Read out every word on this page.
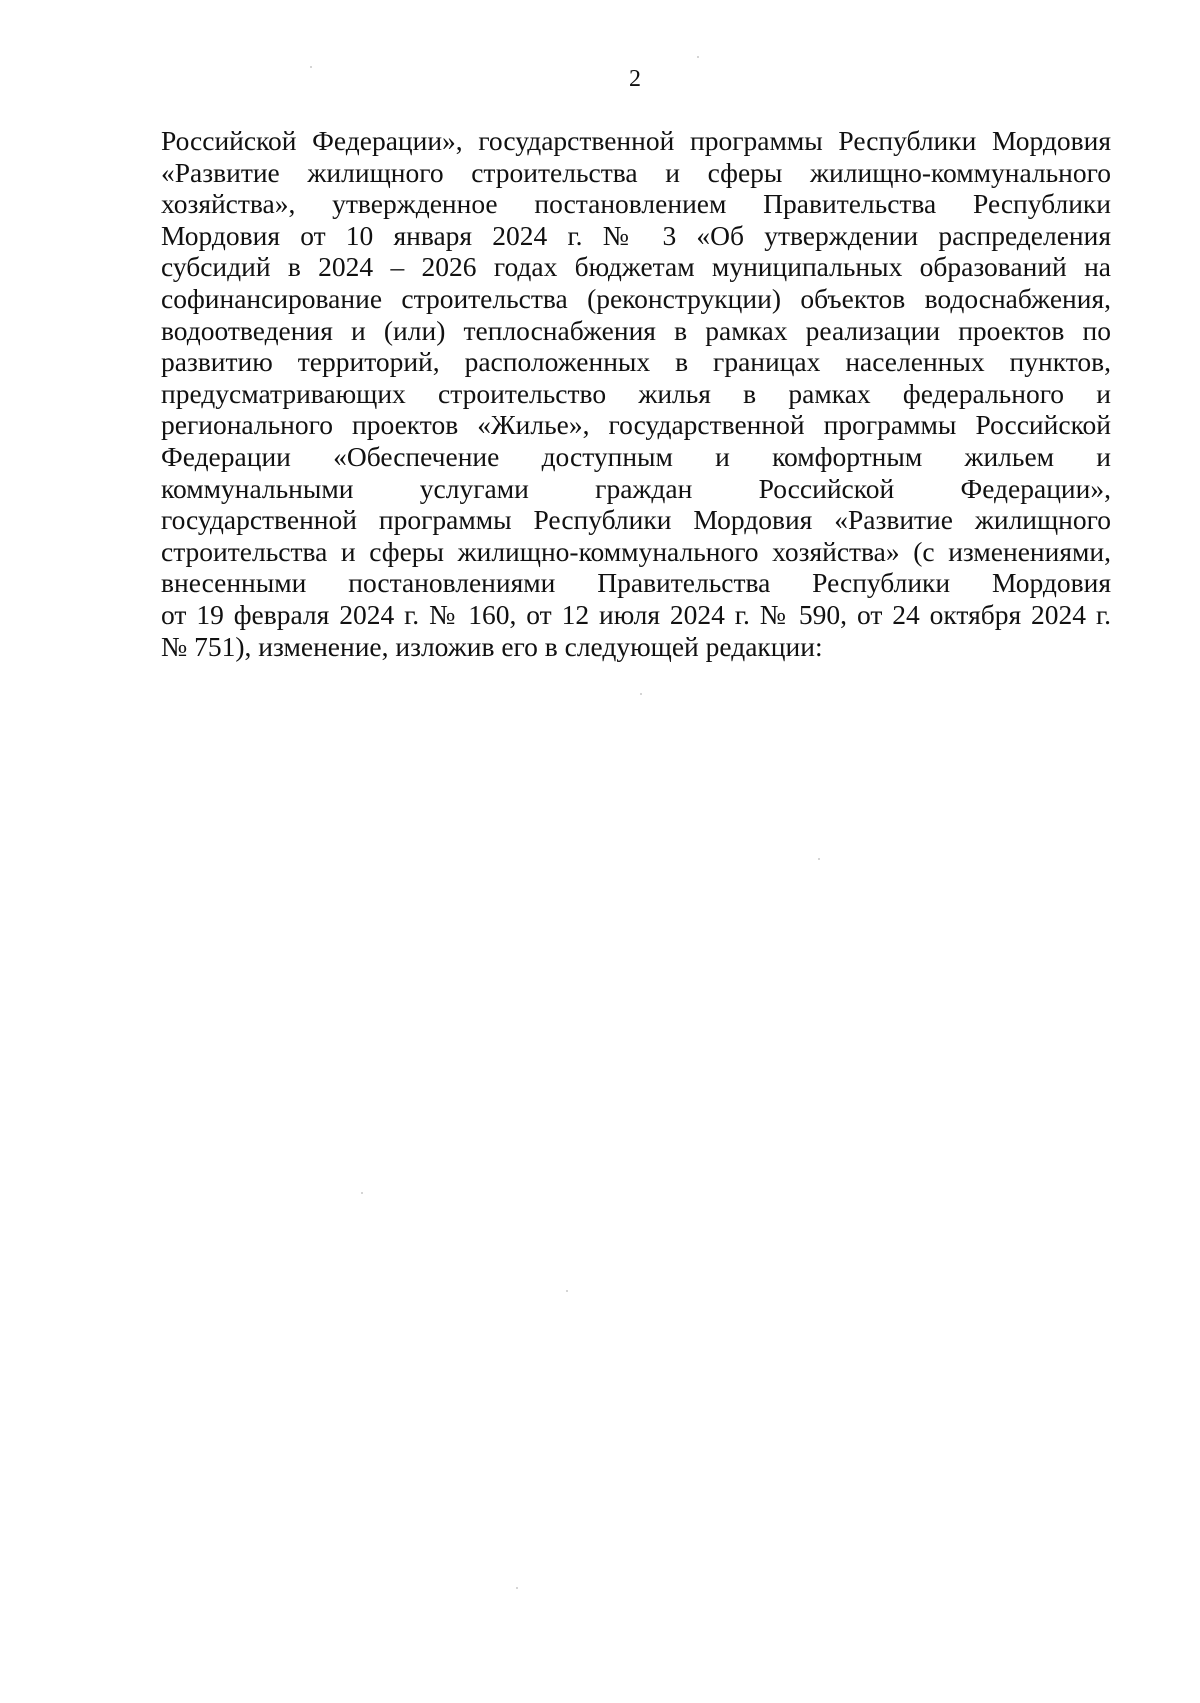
2
Российской Федерации», государственной программы Республики Мордовия
«Развитие жилищного строительства и сферы жилищно-коммунального
хозяйства», утвержденное постановлением Правительства Республики
Мордовия от 10 января 2024 г. № 3 «Об утверждении распределения
субсидий в 2024 – 2026 годах бюджетам муниципальных образований на
софинансирование строительства (реконструкции) объектов водоснабжения,
водоотведения и (или) теплоснабжения в рамках реализации проектов по
развитию территорий, расположенных в границах населенных пунктов,
предусматривающих строительство жилья в рамках федерального и
регионального проектов «Жилье», государственной программы Российской
Федерации «Обеспечение доступным и комфортным жильем и
коммунальными услугами граждан Российской Федерации»,
государственной программы Республики Мордовия «Развитие жилищного
строительства и сферы жилищно-коммунального хозяйства» (с изменениями,
внесенными постановлениями Правительства Республики Мордовия
от 19 февраля 2024 г. № 160, от 12 июля 2024 г. № 590, от 24 октября 2024 г.
№ 751), изменение, изложив его в следующей редакции:
